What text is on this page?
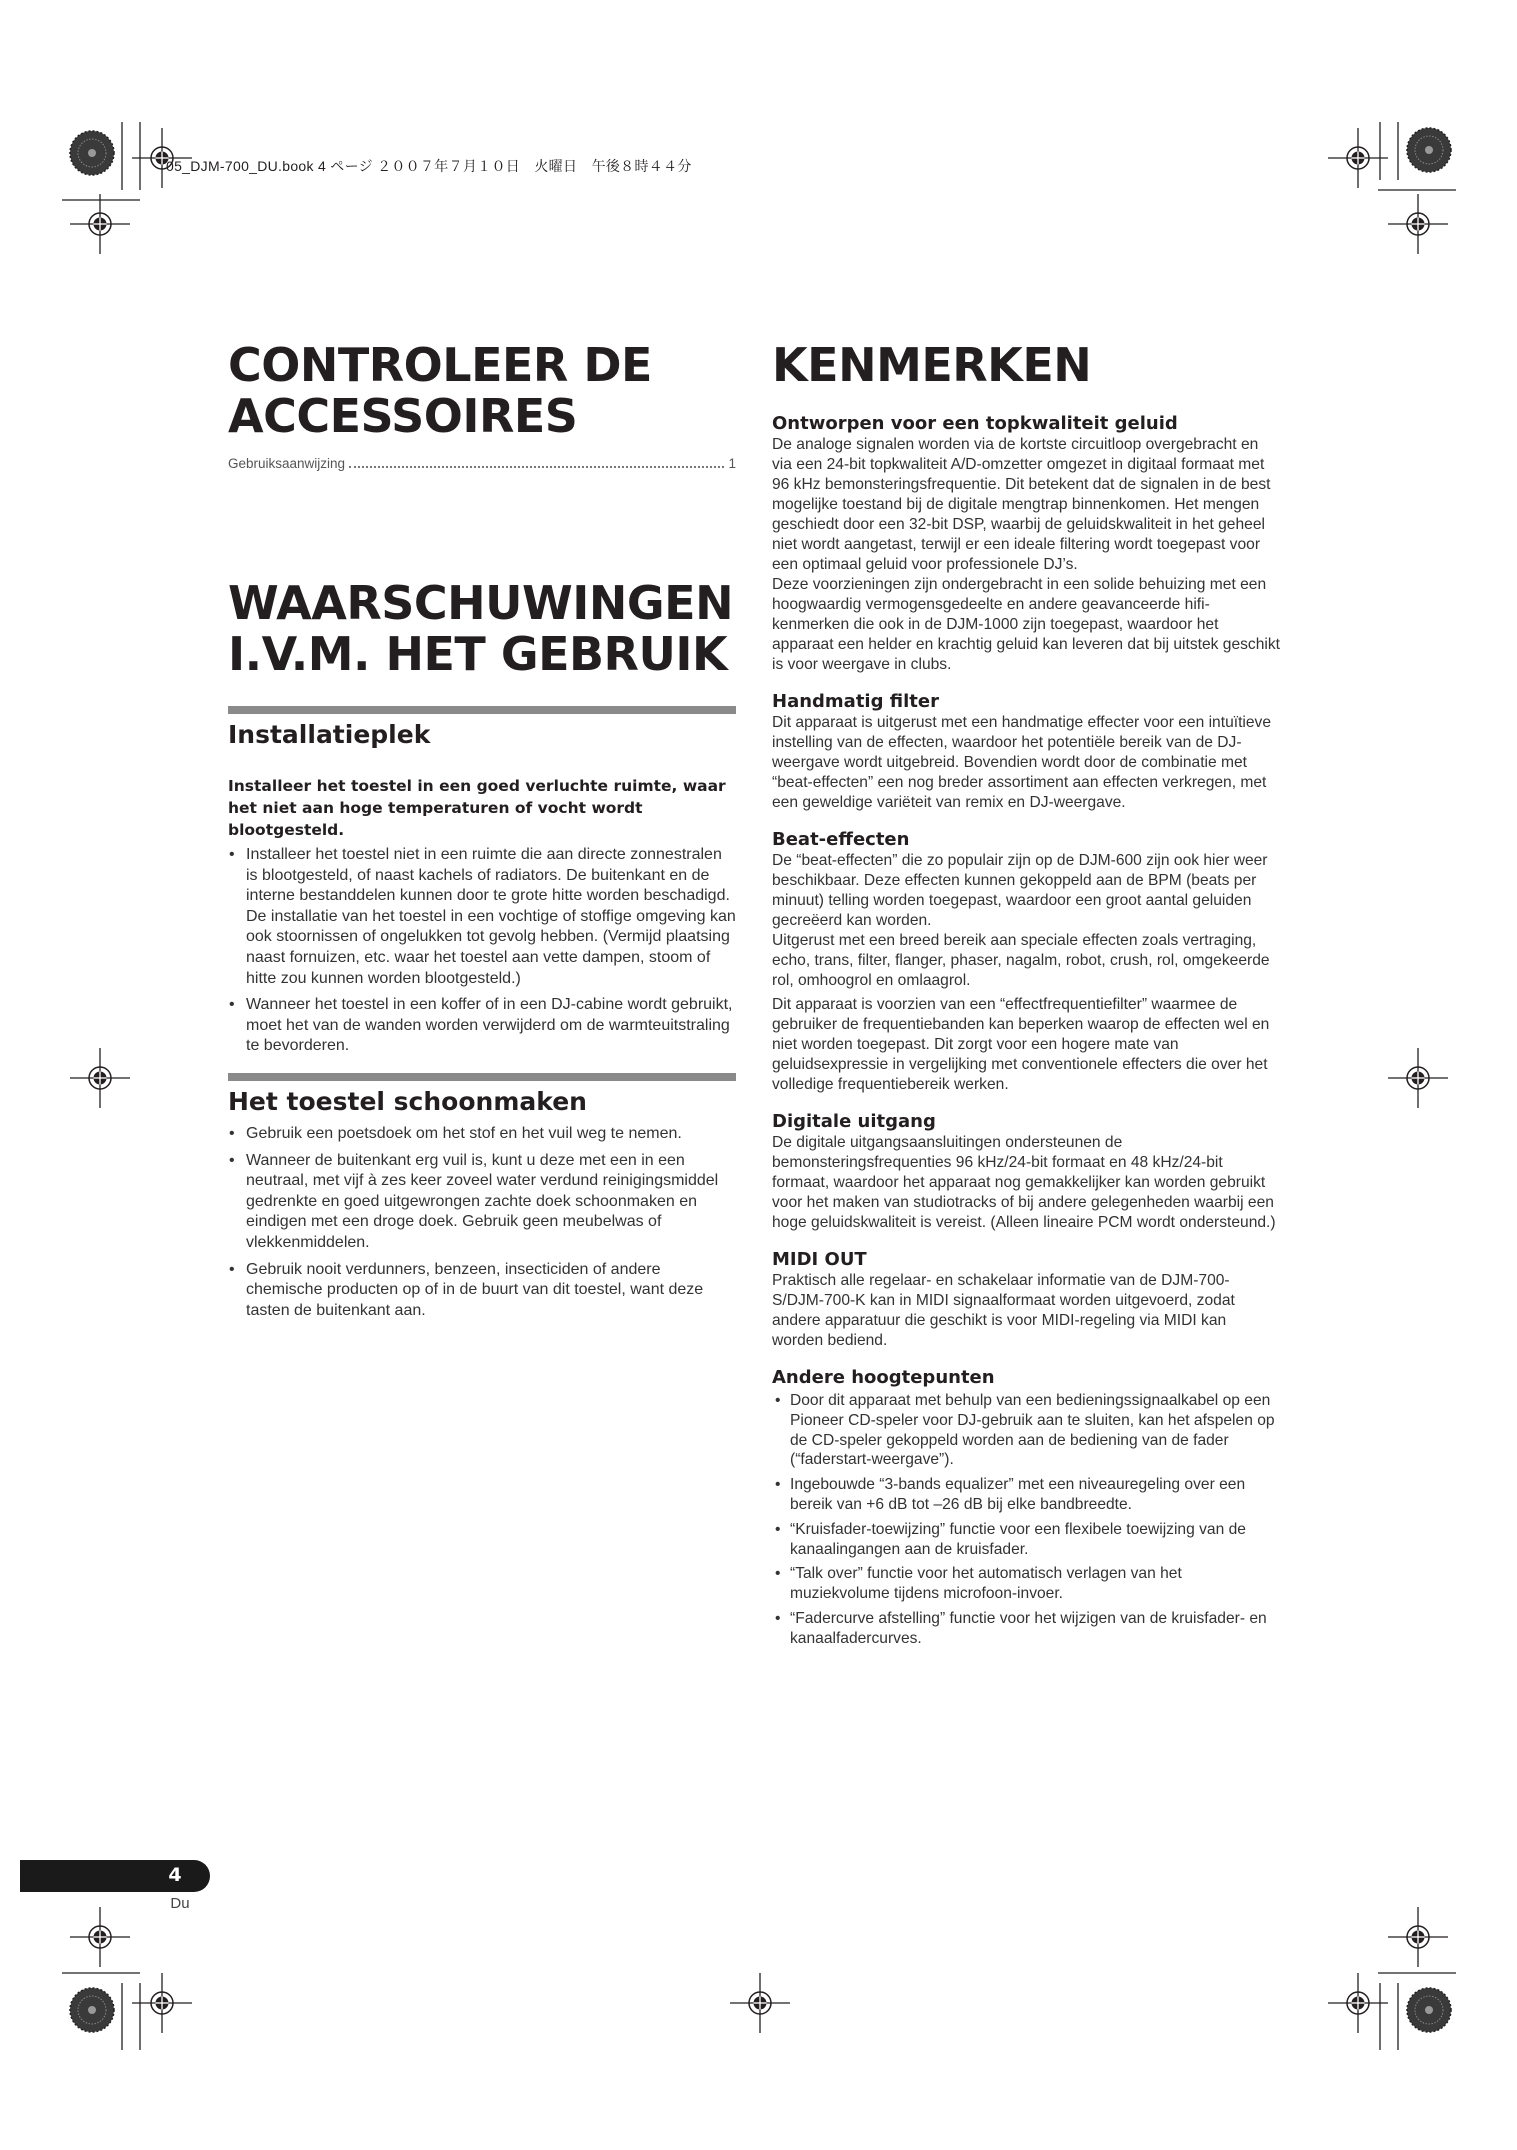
05_DJM-700_DU.book 4 ページ ２００７年７月１０日　火曜日　午後８時４４分
CONTROLEER DE
ACCESSOIRES
Gebruiksaanwijzing	1
WAARSCHUWINGEN
I.V.M. HET GEBRUIK
Installatieplek
Installeer het toestel in een goed verluchte ruimte, waar het niet aan hoge temperaturen of vocht wordt blootgesteld.
• Installeer het toestel niet in een ruimte die aan directe zonnestralen is blootgesteld, of naast kachels of radiators. De buitenkant en de interne bestanddelen kunnen door te grote hitte worden beschadigd. De installatie van het toestel in een vochtige of stoffige omgeving kan ook stoornissen of ongelukken tot gevolg hebben. (Vermijd plaatsing naast fornuizen, etc. waar het toestel aan vette dampen, stoom of hitte zou kunnen worden blootgesteld.)
• Wanneer het toestel in een koffer of in een DJ-cabine wordt gebruikt, moet het van de wanden worden verwijderd om de warmteuitstraling te bevorderen.
Het toestel schoonmaken
• Gebruik een poetsdoek om het stof en het vuil weg te nemen.
• Wanneer de buitenkant erg vuil is, kunt u deze met een in een neutraal, met vijf à zes keer zoveel water verdund reinigingsmiddel gedrenkte en goed uitgewrongen zachte doek schoonmaken en eindigen met een droge doek. Gebruik geen meubelwas of vlekkenmiddelen.
• Gebruik nooit verdunners, benzeen, insecticiden of andere chemische producten op of in de buurt van dit toestel, want deze tasten de buitenkant aan.
KENMERKEN
Ontworpen voor een topkwaliteit geluid

De analoge signalen worden via de kortste circuitloop overgebracht en via een 24-bit topkwaliteit A/D-omzetter omgezet in digitaal formaat met 96 kHz bemonsteringsfrequentie. Dit betekent dat de signalen in de best mogelijke toestand bij de digitale mengtrap binnenkomen. Het mengen geschiedt door een 32-bit DSP, waarbij de geluidskwaliteit in het geheel niet wordt aangetast, terwijl er een ideale filtering wordt toegepast voor een optimaal geluid voor professionele DJ’s.

Deze voorzieningen zijn ondergebracht in een solide behuizing met een hoogwaardig vermogensgedeelte en andere geavanceerde hifi-kenmerken die ook in de DJM-1000 zijn toegepast, waardoor het apparaat een helder en krachtig geluid kan leveren dat bij uitstek geschikt is voor weergave in clubs.

Handmatig filter

Dit apparaat is uitgerust met een handmatige effecter voor een intuïtieve instelling van de effecten, waardoor het potentiële bereik van de DJ-weergave wordt uitgebreid. Bovendien wordt door de combinatie met “beat-effecten” een nog breder assortiment aan effecten verkregen, met een geweldige variëteit van remix en DJ-weergave.

Beat-effecten

De “beat-effecten” die zo populair zijn op de DJM-600 zijn ook hier weer beschikbaar. Deze effecten kunnen gekoppeld aan de BPM (beats per minuut) telling worden toegepast, waardoor een groot aantal geluiden gecreëerd kan worden.

Uitgerust met een breed bereik aan speciale effecten zoals vertraging, echo, trans, filter, flanger, phaser, nagalm, robot, crush, rol, omgekeerde rol, omhoogrol en omlaagrol.

Dit apparaat is voorzien van een “effectfrequentiefilter” waarmee de gebruiker de frequentiebanden kan beperken waarop de effecten wel en niet worden toegepast. Dit zorgt voor een hogere mate van geluidsexpressie in vergelijking met conventionele effecters die over het volledige frequentiebereik werken.

Digitale uitgang

De digitale uitgangsaansluitingen ondersteunen de bemonsteringsfrequenties 96 kHz/24-bit formaat en 48 kHz/24-bit formaat, waardoor het apparaat nog gemakkelijker kan worden gebruikt voor het maken van studiotracks of bij andere gelegenheden waarbij een hoge geluidskwaliteit is vereist. (Alleen lineaire PCM wordt ondersteund.)

MIDI OUT

Praktisch alle regelaar- en schakelaar informatie van de DJM-700-S/DJM-700-K kan in MIDI signaalformaat worden uitgevoerd, zodat andere apparatuur die geschikt is voor MIDI-regeling via MIDI kan worden bediend.

Andere hoogtepunten
• Door dit apparaat met behulp van een bedieningssignaalkabel op een Pioneer CD-speler voor DJ-gebruik aan te sluiten, kan het afspelen op de CD-speler gekoppeld worden aan de bediening van de fader (“faderstart-weergave”).
• Ingebouwde “3-bands equalizer” met een niveauregeling over een bereik van +6 dB tot –26 dB bij elke bandbreedte.
• “Kruisfader-toewijzing” functie voor een flexibele toewijzing van de kanaalingangen aan de kruisfader.
• “Talk over” functie voor het automatisch verlagen van het muziekvolume tijdens microfoon-invoer.
• “Fadercurve afstelling” functie voor het wijzigen van de kruisfader- en kanaalfadercurves.
4
Du
